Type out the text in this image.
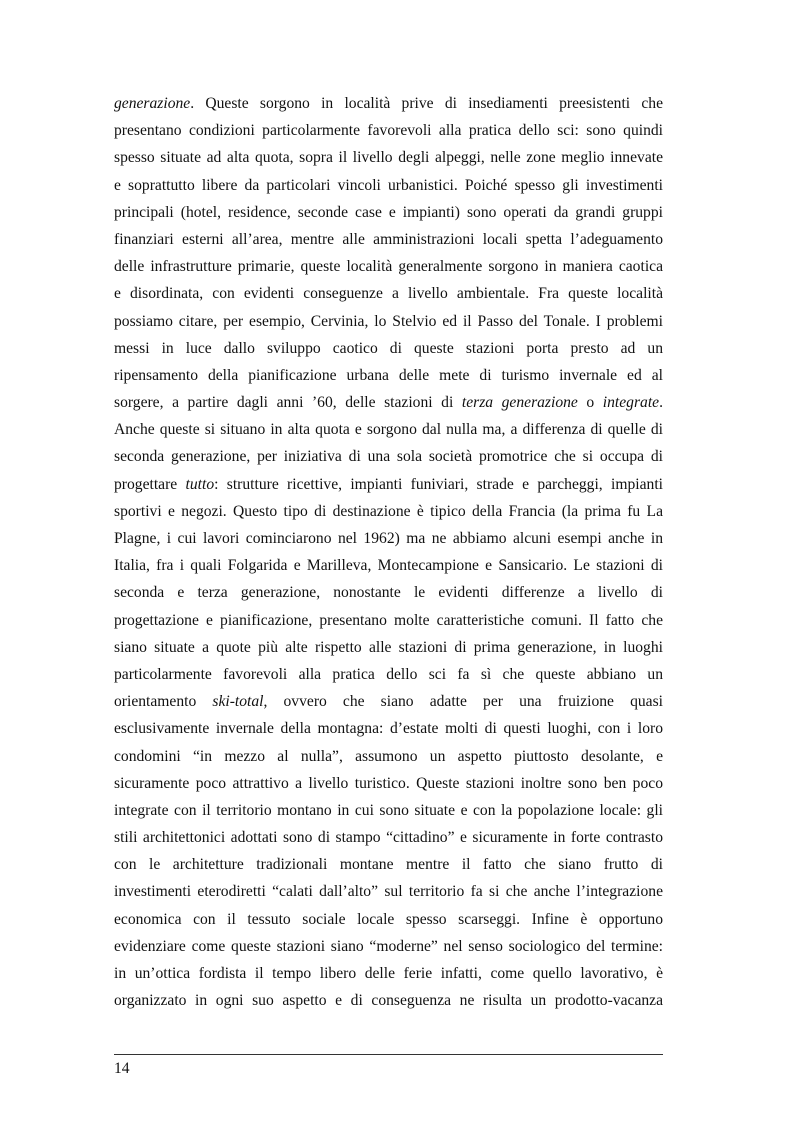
generazione. Queste sorgono in località prive di insediamenti preesistenti che
presentano condizioni particolarmente favorevoli alla pratica dello sci: sono quindi
spesso situate ad alta quota, sopra il livello degli alpeggi, nelle zone meglio innevate
e soprattutto libere da particolari vincoli urbanistici. Poiché spesso gli investimenti
principali (hotel, residence, seconde case e impianti) sono operati da grandi gruppi
finanziari esterni all’area, mentre alle amministrazioni locali spetta l’adeguamento
delle infrastrutture primarie, queste località generalmente sorgono in maniera caotica
e disordinata, con evidenti conseguenze a livello ambientale. Fra queste località
possiamo citare, per esempio, Cervinia, lo Stelvio ed il Passo del Tonale. I problemi
messi in luce dallo sviluppo caotico di queste stazioni porta presto ad un
ripensamento della pianificazione urbana delle mete di turismo invernale ed al
sorgere, a partire dagli anni ’60, delle stazioni di terza generazione o integrate.
Anche queste si situano in alta quota e sorgono dal nulla ma, a differenza di quelle di
seconda generazione, per iniziativa di una sola società promotrice che si occupa di
progettare tutto: strutture ricettive, impianti funiviari, strade e parcheggi, impianti
sportivi e negozi. Questo tipo di destinazione è tipico della Francia (la prima fu La
Plagne, i cui lavori cominciarono nel 1962) ma ne abbiamo alcuni esempi anche in
Italia, fra i quali Folgarida e Marilleva, Montecampione e Sansicario. Le stazioni di
seconda e terza generazione, nonostante le evidenti differenze a livello di
progettazione e pianificazione, presentano molte caratteristiche comuni. Il fatto che
siano situate a quote più alte rispetto alle stazioni di prima generazione, in luoghi
particolarmente favorevoli alla pratica dello sci fa sì che queste abbiano un
orientamento ski-total, ovvero che siano adatte per una fruizione quasi
esclusivamente invernale della montagna: d’estate molti di questi luoghi, con i loro
condomini “in mezzo al nulla”, assumono un aspetto piuttosto desolante, e
sicuramente poco attrattivo a livello turistico. Queste stazioni inoltre sono ben poco
integrate con il territorio montano in cui sono situate e con la popolazione locale: gli
stili architettonici adottati sono di stampo “cittadino” e sicuramente in forte contrasto
con le architetture tradizionali montane mentre il fatto che siano frutto di
investimenti eterodiretti “calati dall’alto” sul territorio fa si che anche l’integrazione
economica con il tessuto sociale locale spesso scarseggi. Infine è opportuno
evidenziare come queste stazioni siano “moderne” nel senso sociologico del termine:
in un’ottica fordista il tempo libero delle ferie infatti, come quello lavorativo, è
organizzato in ogni suo aspetto e di conseguenza ne risulta un prodotto-vacanza
14
